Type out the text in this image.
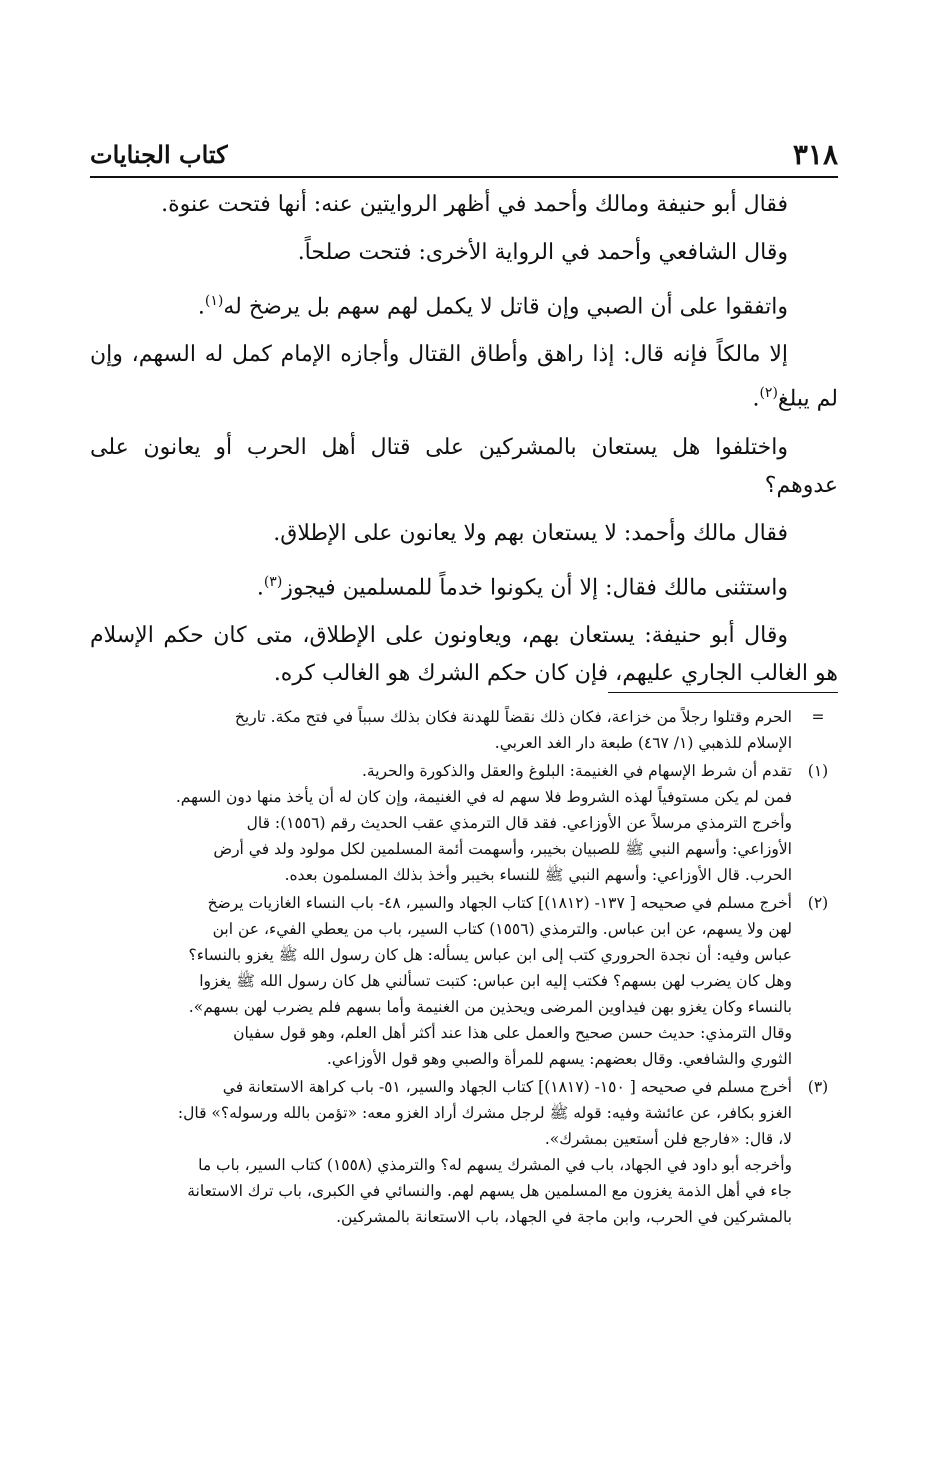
٣١٨
كتاب الجنايات

فقال أبو حنيفة ومالك وأحمد في أظهر الروايتين عنه: أنها فتحت عنوة.

وقال الشافعي وأحمد في الرواية الأخرى: فتحت صلحاً.

واتفقوا على أن الصبي وإن قاتل لا يكمل لهم سهم بل يرضخ له$^{(١)}$.

إلا مالكاً فإنه قال: إذا راهق وأطاق القتال وأجازه الإمام كمل له السهم، وإن لم يبلغ$^{(٢)}$.

واختلفوا هل يستعان بالمشركين على قتال أهل الحرب أو يعانون على عدوهم؟

فقال مالك وأحمد: لا يستعان بهم ولا يعانون على الإطلاق.

واستثنى مالك فقال: إلا أن يكونوا خدماً للمسلمين فيجوز$^{(٣)}$.

وقال أبو حنيفة: يستعان بهم، ويعاونون على الإطلاق، متى كان حكم الإسلام هو الغالب الجاري عليهم، فإن كان حكم الشرك هو الغالب كره.

=
الحرم وقتلوا رجلاً من خزاعة، فكان ذلك نقضاً للهدنة فكان بذلك سبباً في فتح مكة. تاريخ
الإسلام للذهبي (١/ ٤٦٧) طبعة دار الغد العربي.
(١)
تقدم أن شرط الإسهام في الغنيمة: البلوغ والعقل والذكورة والحرية.
فمن لم يكن مستوفياً لهذه الشروط فلا سهم له في الغنيمة، وإن كان له أن يأخذ منها دون السهم.
وأخرج الترمذي مرسلاً عن الأوزاعي. فقد قال الترمذي عقب الحديث رقم (١٥٥٦): قال
الأوزاعي: وأسهم النبي ﷺ للصبيان بخيبر، وأسهمت أئمة المسلمين لكل مولود ولد في أرض
الحرب. قال الأوزاعي: وأسهم النبي ﷺ للنساء بخيبر وأخذ بذلك المسلمون بعده.
(٢)
أخرج مسلم في صحيحه [ ١٣٧- (١٨١٢)] كتاب الجهاد والسير، ٤٨- باب النساء الغازيات يرضخ
لهن ولا يسهم، عن ابن عباس. والترمذي (١٥٥٦) كتاب السير، باب من يعطي الفيء، عن ابن
عباس وفيه: أن نجدة الحروري كتب إلى ابن عباس يسأله: هل كان رسول الله ﷺ يغزو بالنساء؟
وهل كان يضرب لهن بسهم؟ فكتب إليه ابن عباس: كتبت تسألني هل كان رسول الله ﷺ يغزوا
بالنساء وكان يغزو بهن فيداوين المرضى ويحذين من الغنيمة وأما بسهم فلم يضرب لهن بسهم».
وقال الترمذي: حديث حسن صحيح والعمل على هذا عند أكثر أهل العلم، وهو قول سفيان
الثوري والشافعي. وقال بعضهم: يسهم للمرأة والصبي وهو قول الأوزاعي.
(٣)
أخرج مسلم في صحيحه [ ١٥٠- (١٨١٧)] كتاب الجهاد والسير، ٥١- باب كراهة الاستعانة في
الغزو بكافر، عن عائشة وفيه: قوله ﷺ لرجل مشرك أراد الغزو معه: «تؤمن بالله ورسوله؟» قال:
لا، قال: «فارجع فلن أستعين بمشرك».
وأخرجه أبو داود في الجهاد، باب في المشرك يسهم له؟ والترمذي (١٥٥٨) كتاب السير، باب ما
جاء في أهل الذمة يغزون مع المسلمين هل يسهم لهم. والنسائي في الكبرى، باب ترك الاستعانة
بالمشركين في الحرب، وابن ماجة في الجهاد، باب الاستعانة بالمشركين.
